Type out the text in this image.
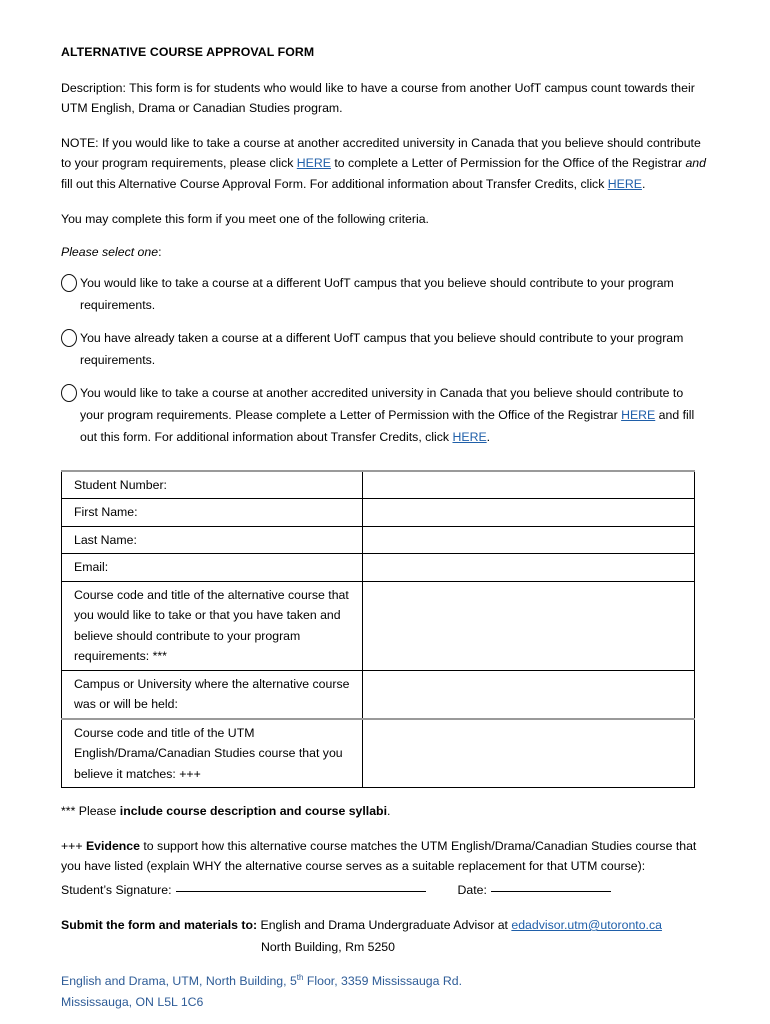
ALTERNATIVE COURSE APPROVAL FORM

Description: This form is for students who would like to have a course from another UofT campus count towards their UTM English, Drama or Canadian Studies program.

NOTE: If you would like to take a course at another accredited university in Canada that you believe should contribute to your program requirements, please click HERE to complete a Letter of Permission for the Office of the Registrar and fill out this Alternative Course Approval Form. For additional information about Transfer Credits, click HERE.

You may complete this form if you meet one of the following criteria.

Please select one:
You would like to take a course at a different UofT campus that you believe should contribute to your program requirements.
You have already taken a course at a different UofT campus that you believe should contribute to your program requirements.
You would like to take a course at another accredited university in Canada that you believe should contribute to your program requirements. Please complete a Letter of Permission with the Office of the Registrar HERE and fill out this form. For additional information about Transfer Credits, click HERE.
Student Number:	
First Name:	
Last Name:	
Email:	
Course code and title of the alternative course that you would like to take or that you have taken and believe should contribute to your program requirements: ***	
Campus or University where the alternative course was or will be held:	
Course code and title of the UTM English/Drama/Canadian Studies course that you believe it matches: +++	

*** Please include course description and course syllabi.

+++ Evidence to support how this alternative course matches the UTM English/Drama/Canadian Studies course that you have listed (explain WHY the alternative course serves as a suitable replacement for that UTM course):

Student’s Signature:	Date:
Submit the form and materials to: English and Drama Undergraduate Advisor at edadvisor.utm@utoronto.ca
North Building, Rm 5250
English and Drama, UTM, North Building, 5th Floor, 3359 Mississauga Rd.
Mississauga, ON L5L 1C6
